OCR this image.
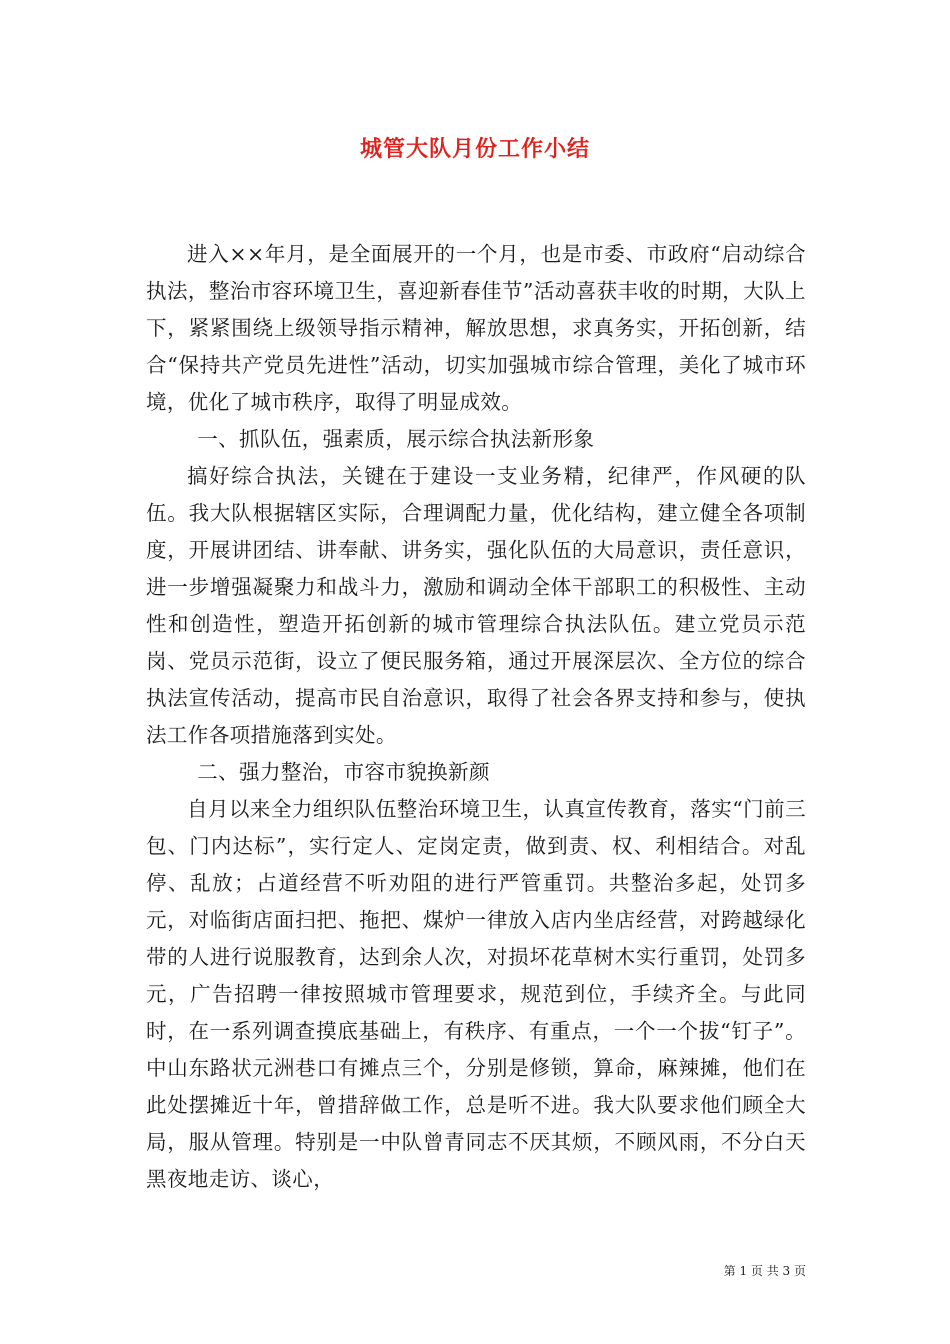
城管大队月份工作小结

进入××年月，是全面展开的一个月，也是市委、市政府“启动综合执法，整治市容环境卫生，喜迎新春佳节”活动喜获丰收的时期，大队上下，紧紧围绕上级领导指示精神，解放思想，求真务实，开拓创新，结合“保持共产党员先进性”活动，切实加强城市综合管理，美化了城市环境，优化了城市秩序，取得了明显成效。

一、抓队伍，强素质，展示综合执法新形象

搞好综合执法，关键在于建设一支业务精，纪律严，作风硬的队伍。我大队根据辖区实际，合理调配力量，优化结构，建立健全各项制度，开展讲团结、讲奉献、讲务实，强化队伍的大局意识，责任意识，进一步增强凝聚力和战斗力，激励和调动全体干部职工的积极性、主动性和创造性，塑造开拓创新的城市管理综合执法队伍。建立党员示范岗、党员示范街，设立了便民服务箱，通过开展深层次、全方位的综合执法宣传活动，提高市民自治意识，取得了社会各界支持和参与，使执法工作各项措施落到实处。

二、强力整治，市容市貌换新颜

自月以来全力组织队伍整治环境卫生，认真宣传教育，落实“门前三包、门内达标”，实行定人、定岗定责，做到责、权、利相结合。对乱停、乱放；占道经营不听劝阻的进行严管重罚。共整治多起，处罚多元，对临街店面扫把、拖把、煤炉一律放入店内坐店经营，对跨越绿化带的人进行说服教育，达到余人次，对损坏花草树木实行重罚，处罚多元，广告招聘一律按照城市管理要求，规范到位，手续齐全。与此同时，在一系列调查摸底基础上，有秩序、有重点，一个一个拔“钉子”。中山东路状元洲巷口有摊点三个，分别是修锁，算命，麻辣摊，他们在此处摆摊近十年，曾措辞做工作，总是听不进。我大队要求他们顾全大局，服从管理。特别是一中队曾青同志不厌其烦，不顾风雨，不分白天黑夜地走访、谈心，

第 1 页 共 3 页
